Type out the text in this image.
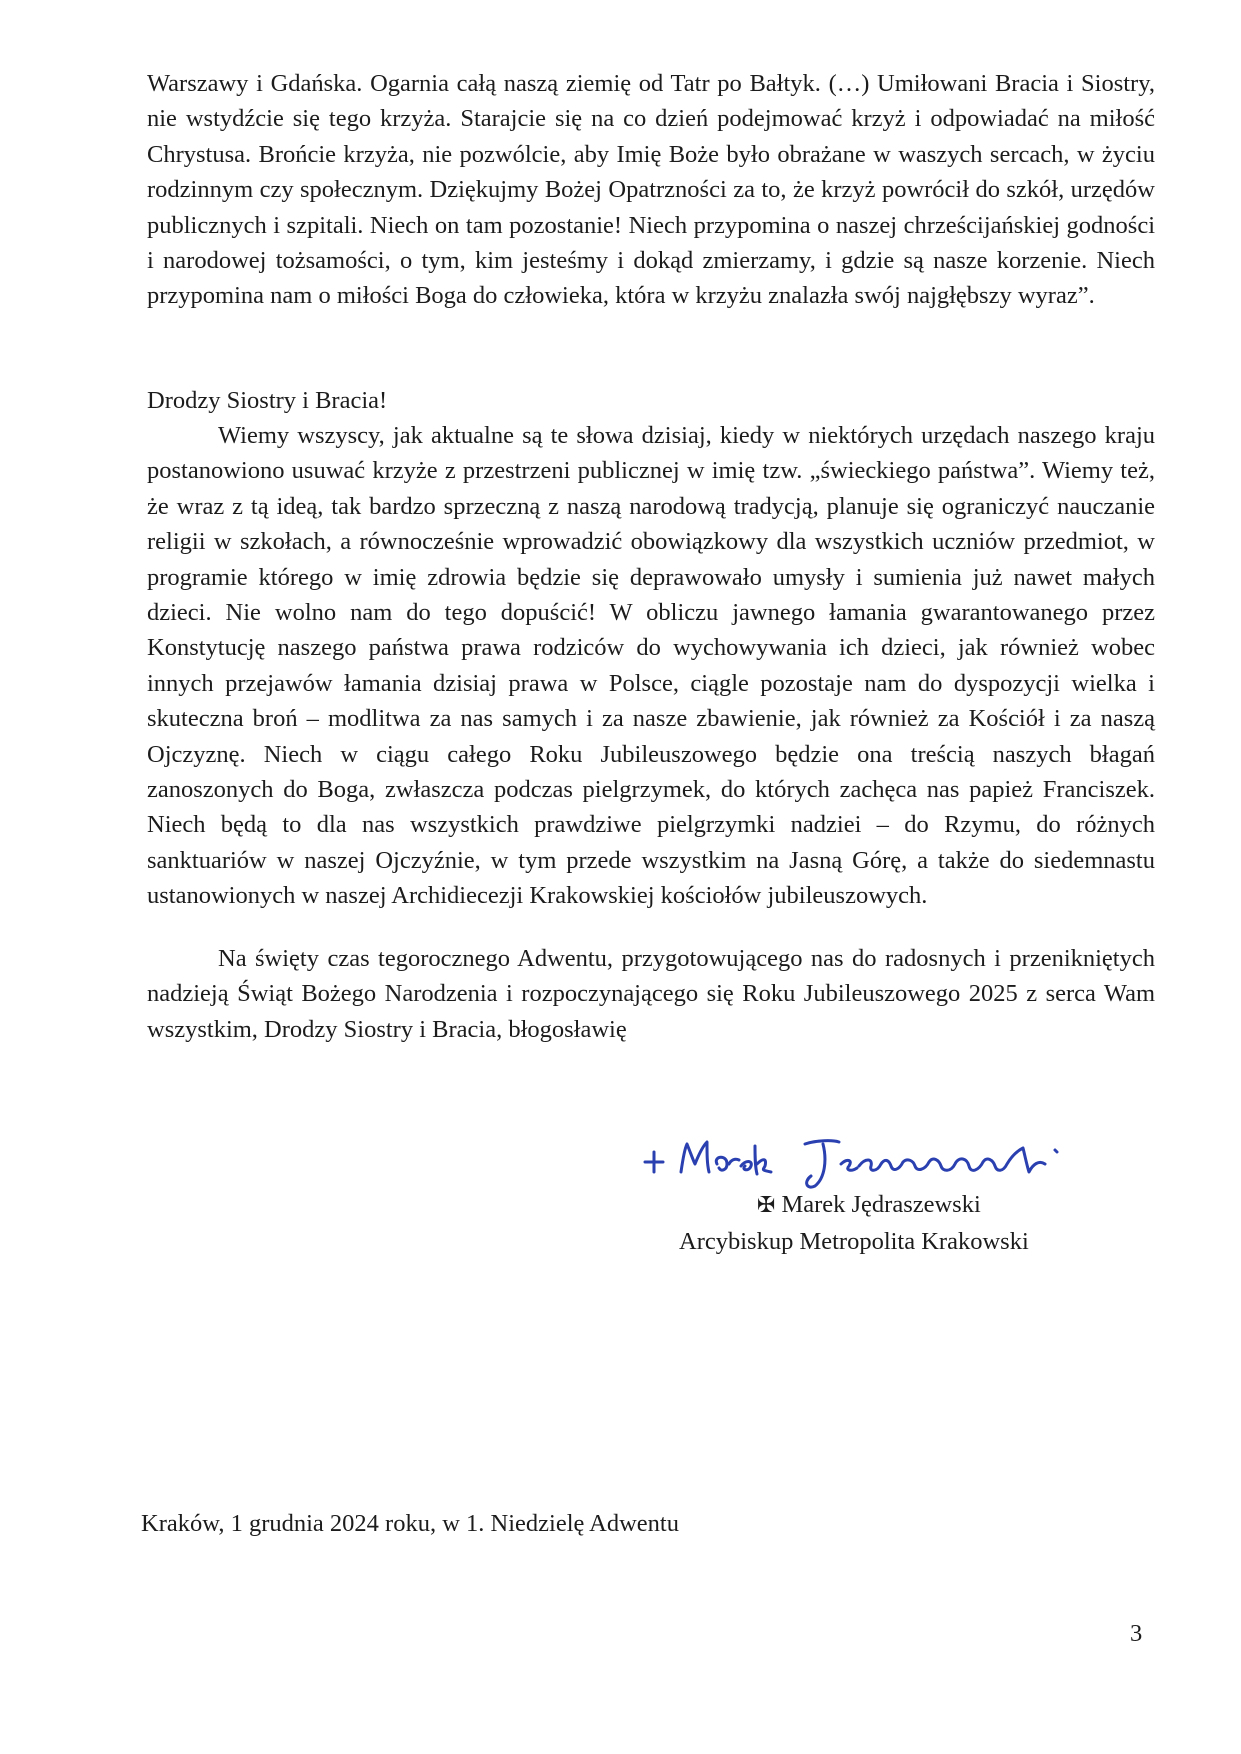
Warszawy i Gdańska. Ogarnia całą naszą ziemię od Tatr po Bałtyk. (…) Umiłowani Bracia i Siostry, nie wstydźcie się tego krzyża. Starajcie się na co dzień podejmować krzyż i odpowiadać na miłość Chrystusa. Brońcie krzyża, nie pozwólcie, aby Imię Boże było obrażane w waszych sercach, w życiu rodzinnym czy społecznym. Dziękujmy Bożej Opatrzności za to, że krzyż powrócił do szkół, urzędów publicznych i szpitali. Niech on tam pozostanie! Niech przypomina o naszej chrześcijańskiej godności i narodowej tożsamości, o tym, kim jesteśmy i dokąd zmierzamy, i gdzie są nasze korzenie. Niech przypomina nam o miłości Boga do człowieka, która w krzyżu znalazła swój najgłębszy wyraz”.

Drodzy Siostry i Bracia!

Wiemy wszyscy, jak aktualne są te słowa dzisiaj, kiedy w niektórych urzędach naszego kraju postanowiono usuwać krzyże z przestrzeni publicznej w imię tzw. „świeckiego państwa”. Wiemy też, że wraz z tą ideą, tak bardzo sprzeczną z naszą narodową tradycją, planuje się ograniczyć nauczanie religii w szkołach, a równocześnie wprowadzić obowiązkowy dla wszystkich uczniów przedmiot, w programie którego w imię zdrowia będzie się deprawowało umysły i sumienia już nawet małych dzieci. Nie wolno nam do tego dopuścić! W obliczu jawnego łamania gwarantowanego przez Konstytucję naszego państwa prawa rodziców do wychowywania ich dzieci, jak również wobec innych przejawów łamania dzisiaj prawa w Polsce, ciągle pozostaje nam do dyspozycji wielka i skuteczna broń – modlitwa za nas samych i za nasze zbawienie, jak również za Kościół i za naszą Ojczyznę. Niech w ciągu całego Roku Jubileuszowego będzie ona treścią naszych błagań zanoszonych do Boga, zwłaszcza podczas pielgrzymek, do których zachęca nas papież Franciszek. Niech będą to dla nas wszystkich prawdziwe pielgrzymki nadziei – do Rzymu, do różnych sanktuariów w naszej Ojczyźnie, w tym przede wszystkim na Jasną Górę, a także do siedemnastu ustanowionych w naszej Archidiecezji Krakowskiej kościołów jubileuszowych.

Na święty czas tegorocznego Adwentu, przygotowującego nas do radosnych i przenikniętych nadzieją Świąt Bożego Narodzenia i rozpoczynającego się Roku Jubileuszowego 2025 z serca Wam wszystkim, Drodzy Siostry i Bracia, błogosławię

✠ Marek Jędraszewski

Arcybiskup Metropolita Krakowski

Kraków, 1 grudnia 2024 roku, w 1. Niedzielę Adwentu

3
